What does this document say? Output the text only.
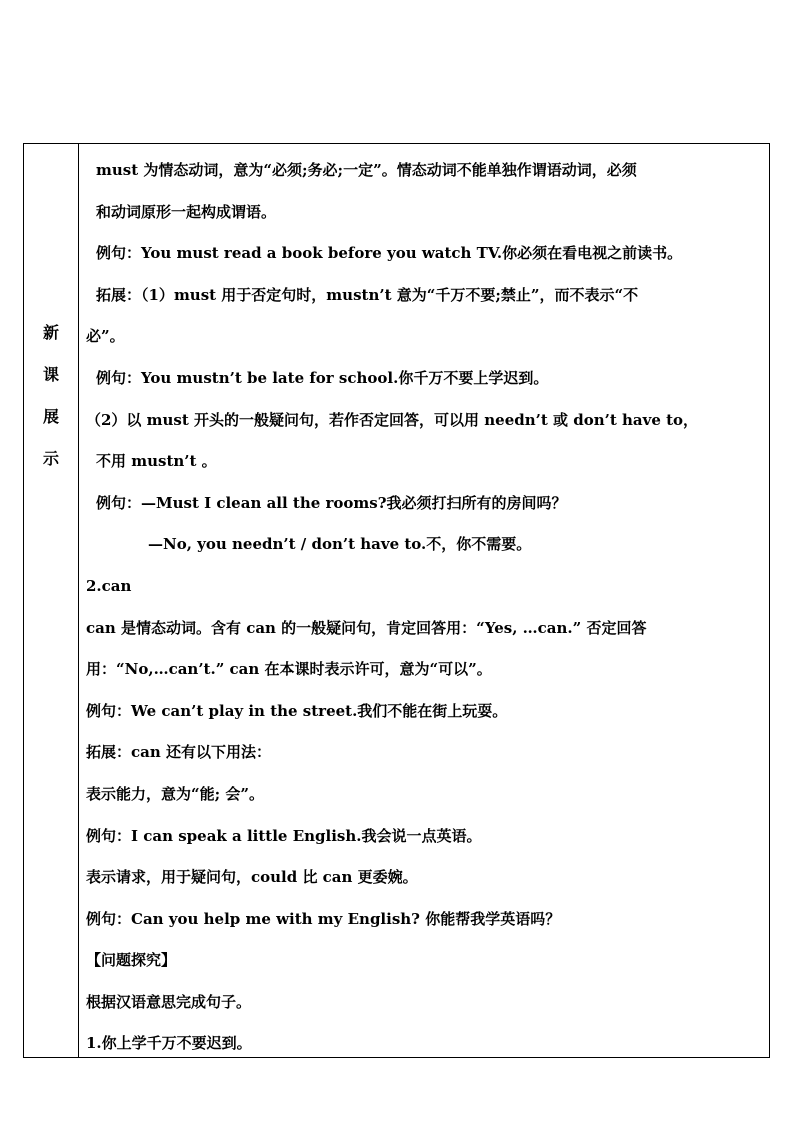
新
课
展
示
must 为情态动词，意为“必须;务必;一定”。情态动词不能单独作谓语动词，必须
和动词原形一起构成谓语。
例句：You must read a book before you watch TV.你必须在看电视之前读书。
拓展：（1）must 用于否定句时，mustn’t 意为“千万不要;禁止”，而不表示“不
必”。
例句：You mustn’t be late for school.你千万不要上学迟到。
（2）以 must 开头的一般疑问句，若作否定回答，可以用 needn’t 或 don’t have to，
不用 mustn’t 。
例句：—Must I clean all the rooms?我必须打扫所有的房间吗？
—No, you needn’t / don’t have to.不，你不需要。
2.can
can 是情态动词。含有 can 的一般疑问句，肯定回答用：“Yes, …can.” 否定回答
用：“No,…can’t.” can 在本课时表示许可，意为“可以”。
例句：We can’t play in the street.我们不能在街上玩耍。
拓展：can 还有以下用法：
表示能力，意为“能; 会”。
例句：I can speak a little English.我会说一点英语。
表示请求，用于疑问句，could 比 can 更委婉。
例句：Can you help me with my English? 你能帮我学英语吗？
【问题探究】
根据汉语意思完成句子。
1.你上学千万不要迟到。
